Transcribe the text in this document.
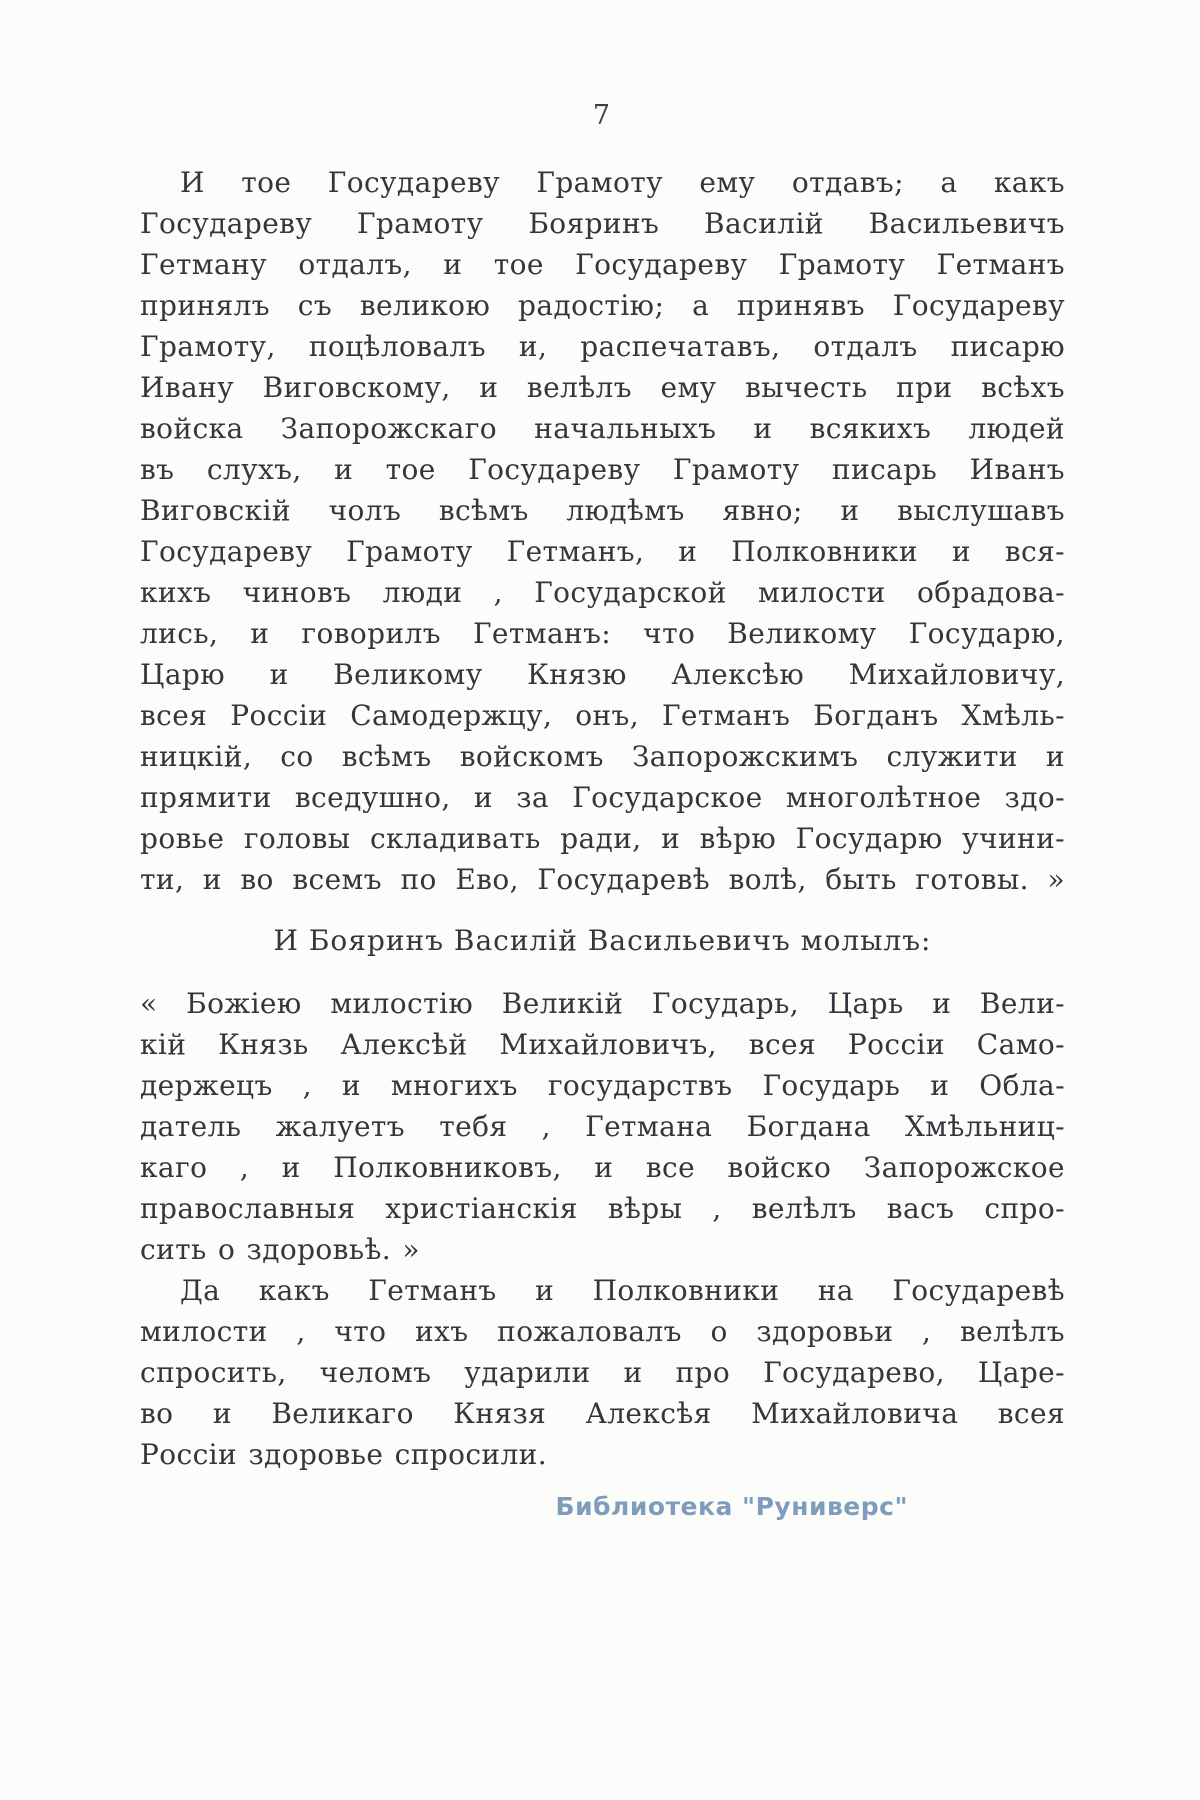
7
И тое Государеву Грамоту ему отдавъ; а какъ
Государеву Грамоту Бояринъ Василій Васильевичъ
Гетману отдалъ, и тое Государеву Грамоту Гетманъ
принялъ съ великою радостію; а принявъ Государеву
Грамоту, поцѣловалъ и, распечатавъ, отдалъ писарю
Ивану Виговскому, и велѣлъ ему вычесть при всѣхъ
войска Запорожскаго начальныхъ и всякихъ людей
въ слухъ, и тое Государеву Грамоту писарь Иванъ
Виговскій чолъ всѣмъ людѣмъ явно; и выслушавъ
Государеву Грамоту Гетманъ, и Полковники и вся-
кихъ чиновъ люди , Государской милости обрадова-
лись, и говорилъ Гетманъ: что Великому Государю,
Царю и Великому Князю Алексѣю Михайловичу,
всея Россіи Самодержцу, онъ, Гетманъ Богданъ Хмѣль-
ницкій, со всѣмъ войскомъ Запорожскимъ служити и
прямити вседушно, и за Государское многолѣтное здо-
ровье головы складивать ради, и вѣрю Государю учини-
ти, и во всемъ по Ево, Государевѣ волѣ, быть готовы. »
И Бояринъ Василій Васильевичъ молылъ:
« Божіею милостію Великій Государь, Царь и Вели-
кій Князь Алексѣй Михайловичъ, всея Россіи Само-
держецъ , и многихъ государствъ Государь и Обла-
датель жалуетъ тебя , Гетмана Богдана Хмѣльниц-
каго , и Полковниковъ, и все войско Запорожское
православныя христіанскія вѣры , велѣлъ васъ спро-
сить о здоровьѣ. »
Да какъ Гетманъ и Полковники на Государевѣ
милости , что ихъ пожаловалъ о здоровьи , велѣлъ
спросить, челомъ ударили и про Государево, Царе-
во и Великаго Князя Алексѣя Михайловича всея
Россіи здоровье спросили.
Библиотека "Руниверс"
